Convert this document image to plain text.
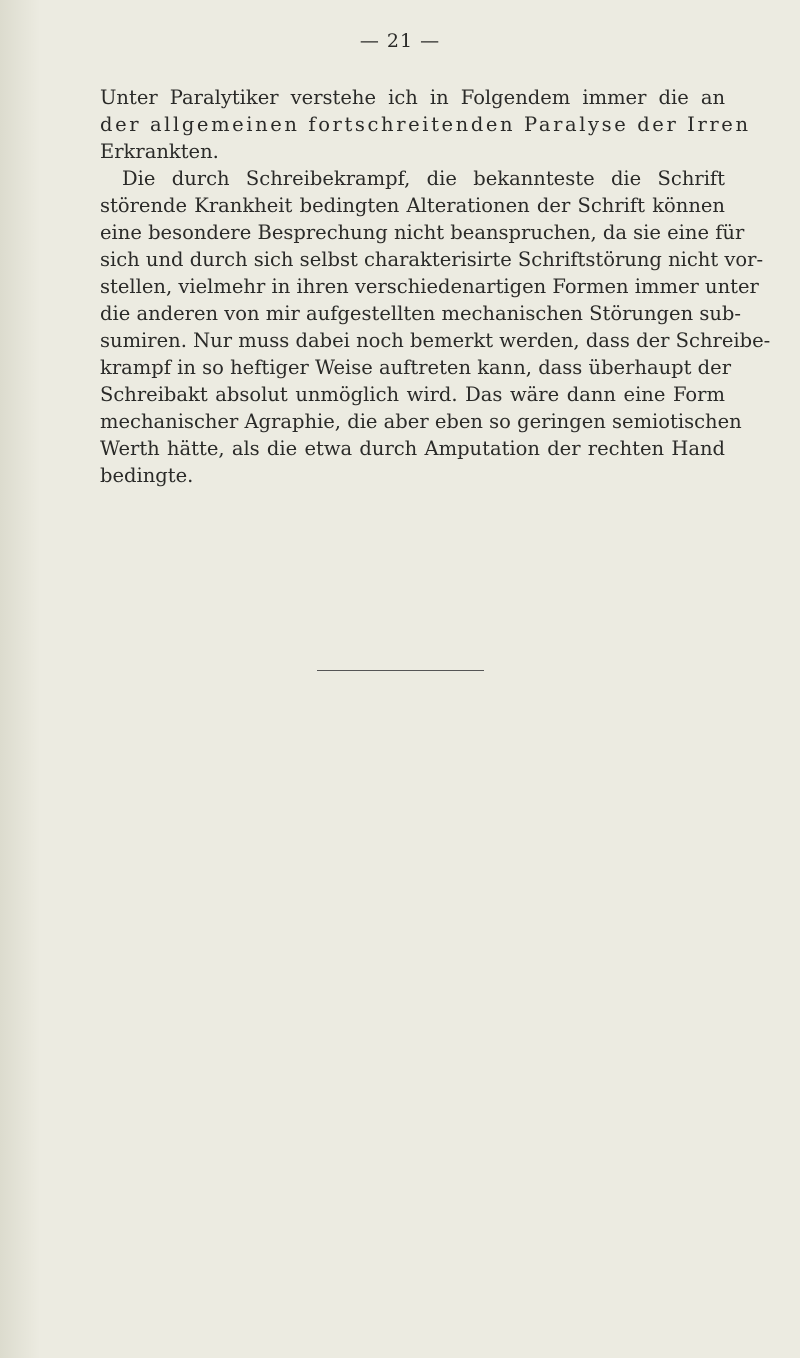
— 21 —
Unter Paralytiker verstehe ich in Folgendem immer die an
der allgemeinen fortschreitenden Paralyse der Irren
Erkrankten.
Die durch Schreibekrampf, die bekannteste die Schrift
störende Krankheit bedingten Alterationen der Schrift können
eine besondere Besprechung nicht beanspruchen, da sie eine für
sich und durch sich selbst charakterisirte Schriftstörung nicht vor-
stellen, vielmehr in ihren verschiedenartigen Formen immer unter
die anderen von mir aufgestellten mechanischen Störungen sub-
sumiren. Nur muss dabei noch bemerkt werden, dass der Schreibe-
krampf in so heftiger Weise auftreten kann, dass überhaupt der
Schreibakt absolut unmöglich wird. Das wäre dann eine Form
mechanischer Agraphie, die aber eben so geringen semiotischen
Werth hätte, als die etwa durch Amputation der rechten Hand
bedingte.
